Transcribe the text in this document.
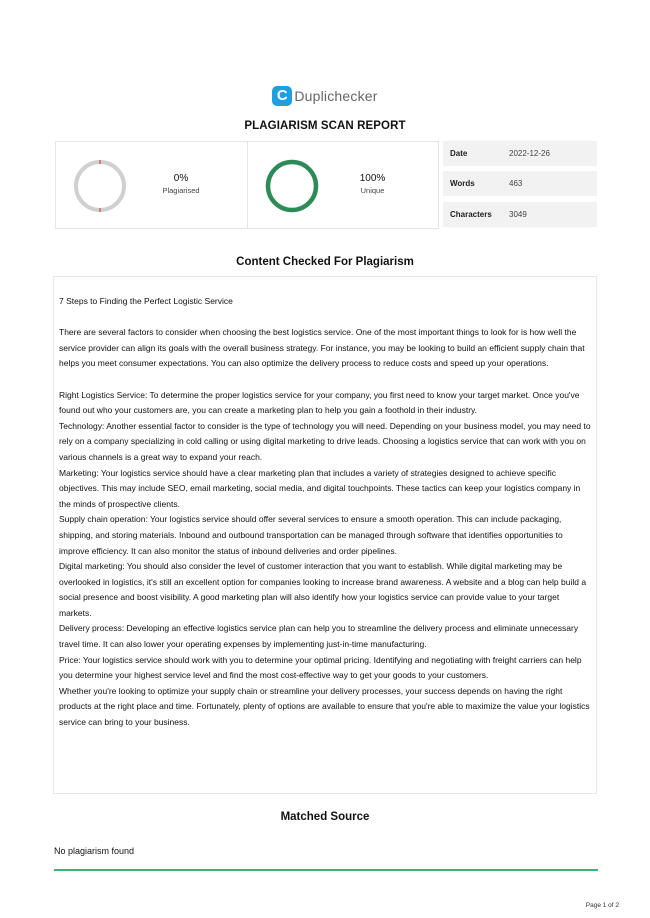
C Duplichecker
PLAGIARISM SCAN REPORT
0%
Plagiarised
100%
Unique
Date	2022-12-26
Words	463
Characters 3049
Content Checked For Plagiarism

7 Steps to Finding the Perfect Logistic Service

There are several factors to consider when choosing the best logistics service. One of the most important things to look for is how well the service provider can align its goals with the overall business strategy. For instance, you may be looking to build an efficient supply chain that helps you meet consumer expectations. You can also optimize the delivery process to reduce costs and speed up your operations.

Right Logistics Service: To determine the proper logistics service for your company, you first need to know your target market. Once you've found out who your customers are, you can create a marketing plan to help you gain a foothold in their industry.

Technology: Another essential factor to consider is the type of technology you will need. Depending on your business model, you may need to rely on a company specializing in cold calling or using digital marketing to drive leads. Choosing a logistics service that can work with you on various channels is a great way to expand your reach.

Marketing: Your logistics service should have a clear marketing plan that includes a variety of strategies designed to achieve specific objectives. This may include SEO, email marketing, social media, and digital touchpoints. These tactics can keep your logistics company in the minds of prospective clients.

Supply chain operation: Your logistics service should offer several services to ensure a smooth operation. This can include packaging, shipping, and storing materials. Inbound and outbound transportation can be managed through software that identifies opportunities to improve efficiency. It can also monitor the status of inbound deliveries and order pipelines.

Digital marketing: You should also consider the level of customer interaction that you want to establish. While digital marketing may be overlooked in logistics, it's still an excellent option for companies looking to increase brand awareness. A website and a blog can help build a social presence and boost visibility. A good marketing plan will also identify how your logistics service can provide value to your target markets.

Delivery process: Developing an effective logistics service plan can help you to streamline the delivery process and eliminate unnecessary travel time. It can also lower your operating expenses by implementing just-in-time manufacturing.

Price: Your logistics service should work with you to determine your optimal pricing. Identifying and negotiating with freight carriers can help you determine your highest service level and find the most cost-effective way to get your goods to your customers.

Whether you're looking to optimize your supply chain or streamline your delivery processes, your success depends on having the right products at the right place and time. Fortunately, plenty of options are available to ensure that you're able to maximize the value your logistics service can bring to your business.

Matched Source
No plagiarism found
Page 1 of 2
